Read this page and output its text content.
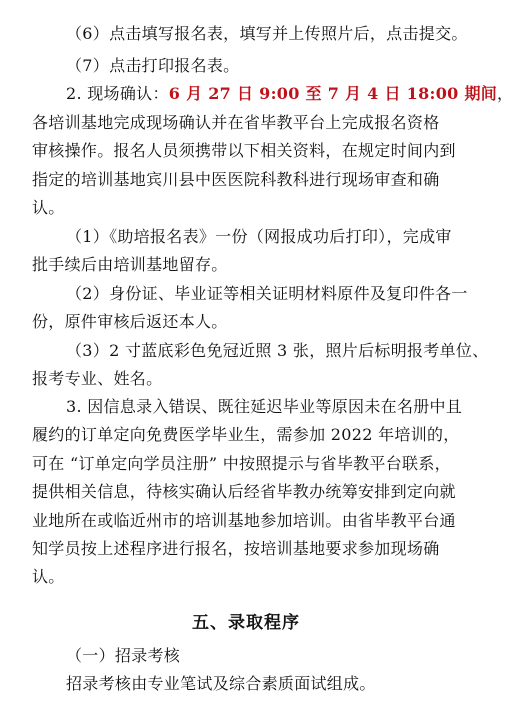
（6）点击填写报名表，填写并上传照片后，点击提交。
（7）点击打印报名表。
2. 现场确认：6 月 27 日 9:00 至 7 月 4 日 18:00 期间，
各培训基地完成现场确认并在省毕教平台上完成报名资格
审核操作。报名人员须携带以下相关资料，在规定时间内到
指定的培训基地宾川县中医医院科教科进行现场审查和确
认。
（1）《助培报名表》一份（网报成功后打印），完成审
批手续后由培训基地留存。
（2）身份证、毕业证等相关证明材料原件及复印件各一
份，原件审核后返还本人。
（3）2 寸蓝底彩色免冠近照 3 张，照片后标明报考单位、
报考专业、姓名。
3. 因信息录入错误、既往延迟毕业等原因未在名册中且
履约的订单定向免费医学毕业生，需参加 2022 年培训的，
可在 “订单定向学员注册” 中按照提示与省毕教平台联系，
提供相关信息，待核实确认后经省毕教办统筹安排到定向就
业地所在或临近州市的培训基地参加培训。由省毕教平台通
知学员按上述程序进行报名，按培训基地要求参加现场确
认。
五、录取程序
（一）招录考核
招录考核由专业笔试及综合素质面试组成。
